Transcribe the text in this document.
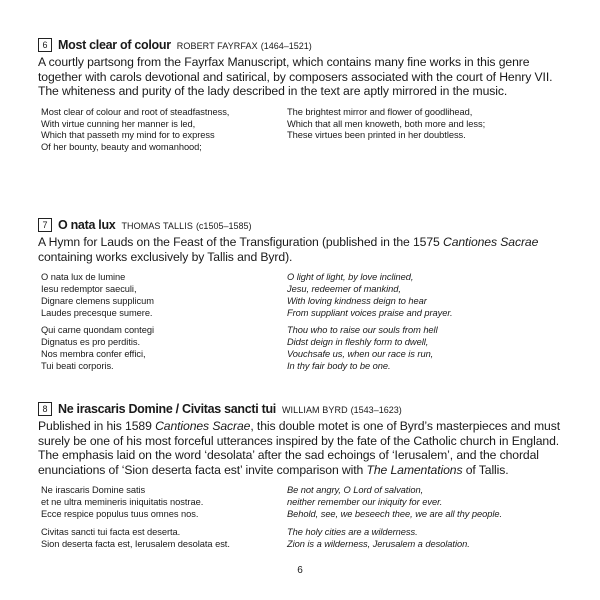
6 Most clear of colour ROBERT FAYRFAX (1464–1521)

A courtly partsong from the Fayrfax Manuscript, which contains many fine works in this genre together with carols devotional and satirical, by composers associated with the court of Henry VII. The whiteness and purity of the lady described in the text are aptly mirrored in the music.

Most clear of colour and root of steadfastness,
With virtue cunning her manner is led,
Which that passeth my mind for to express
Of her bounty, beauty and womanhood;
The brightest mirror and flower of goodlihead,
Which that all men knoweth, both more and less;
These virtues been printed in her doubtless.
7 O nata lux THOMAS TALLIS (c1505–1585)

A Hymn for Lauds on the Feast of the Transfiguration (published in the 1575 Cantiones Sacrae containing works exclusively by Tallis and Byrd).

O nata lux de lumine
Iesu redemptor saeculi,
Dignare clemens supplicum
Laudes precesque sumere.
Qui carne quondam contegi
Dignatus es pro perditis.
Nos membra confer effici,
Tui beati corporis.
O light of light, by love inclined,
Jesu, redeemer of mankind,
With loving kindness deign to hear
From suppliant voices praise and prayer.
Thou who to raise our souls from hell
Didst deign in fleshly form to dwell,
Vouchsafe us, when our race is run,
In thy fair body to be one.
8 Ne irascaris Domine / Civitas sancti tui WILLIAM BYRD (1543–1623)

Published in his 1589 Cantiones Sacrae, this double motet is one of Byrd’s masterpieces and must surely be one of his most forceful utterances inspired by the fate of the Catholic church in England. The emphasis laid on the word ‘desolata’ after the sad echoings of ‘Ierusalem’, and the chordal enunciations of ‘Sion deserta facta est’ invite comparison with The Lamentations of Tallis.

Ne irascaris Domine satis
et ne ultra memineris iniquitatis nostrae.
Ecce respice populus tuus omnes nos.
Civitas sancti tui facta est deserta.
Sion deserta facta est, Ierusalem desolata est.
Be not angry, O Lord of salvation,
neither remember our iniquity for ever.
Behold, see, we beseech thee, we are all thy people.
The holy cities are a wilderness.
Zion is a wilderness, Jerusalem a desolation.
6
